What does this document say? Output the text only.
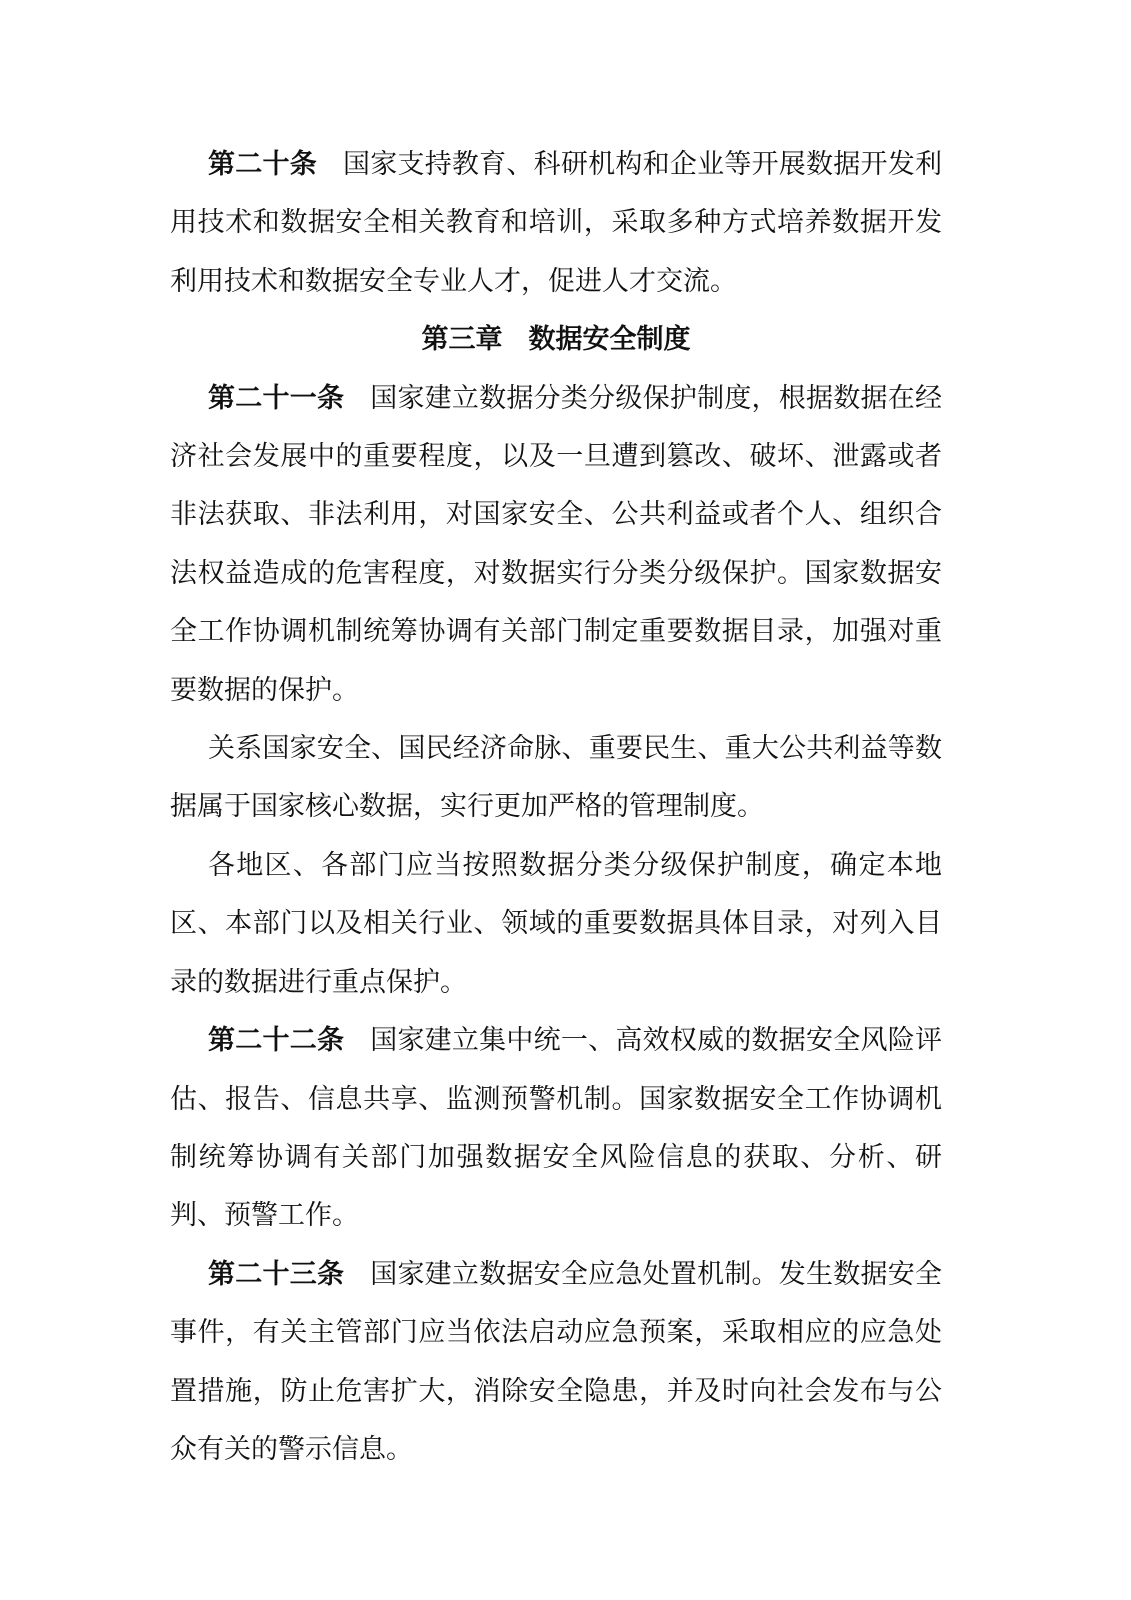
第二十条 国家支持教育、科研机构和企业等开展数据开发利用技术和数据安全相关教育和培训，采取多种方式培养数据开发利用技术和数据安全专业人才，促进人才交流。

第三章 数据安全制度

第二十一条 国家建立数据分类分级保护制度，根据数据在经济社会发展中的重要程度，以及一旦遭到篡改、破坏、泄露或者非法获取、非法利用，对国家安全、公共利益或者个人、组织合法权益造成的危害程度，对数据实行分类分级保护。国家数据安全工作协调机制统筹协调有关部门制定重要数据目录，加强对重要数据的保护。

关系国家安全、国民经济命脉、重要民生、重大公共利益等数据属于国家核心数据，实行更加严格的管理制度。

各地区、各部门应当按照数据分类分级保护制度，确定本地区、本部门以及相关行业、领域的重要数据具体目录，对列入目录的数据进行重点保护。

第二十二条 国家建立集中统一、高效权威的数据安全风险评估、报告、信息共享、监测预警机制。国家数据安全工作协调机制统筹协调有关部门加强数据安全风险信息的获取、分析、研判、预警工作。

第二十三条 国家建立数据安全应急处置机制。发生数据安全事件，有关主管部门应当依法启动应急预案，采取相应的应急处置措施，防止危害扩大，消除安全隐患，并及时向社会发布与公众有关的警示信息。
